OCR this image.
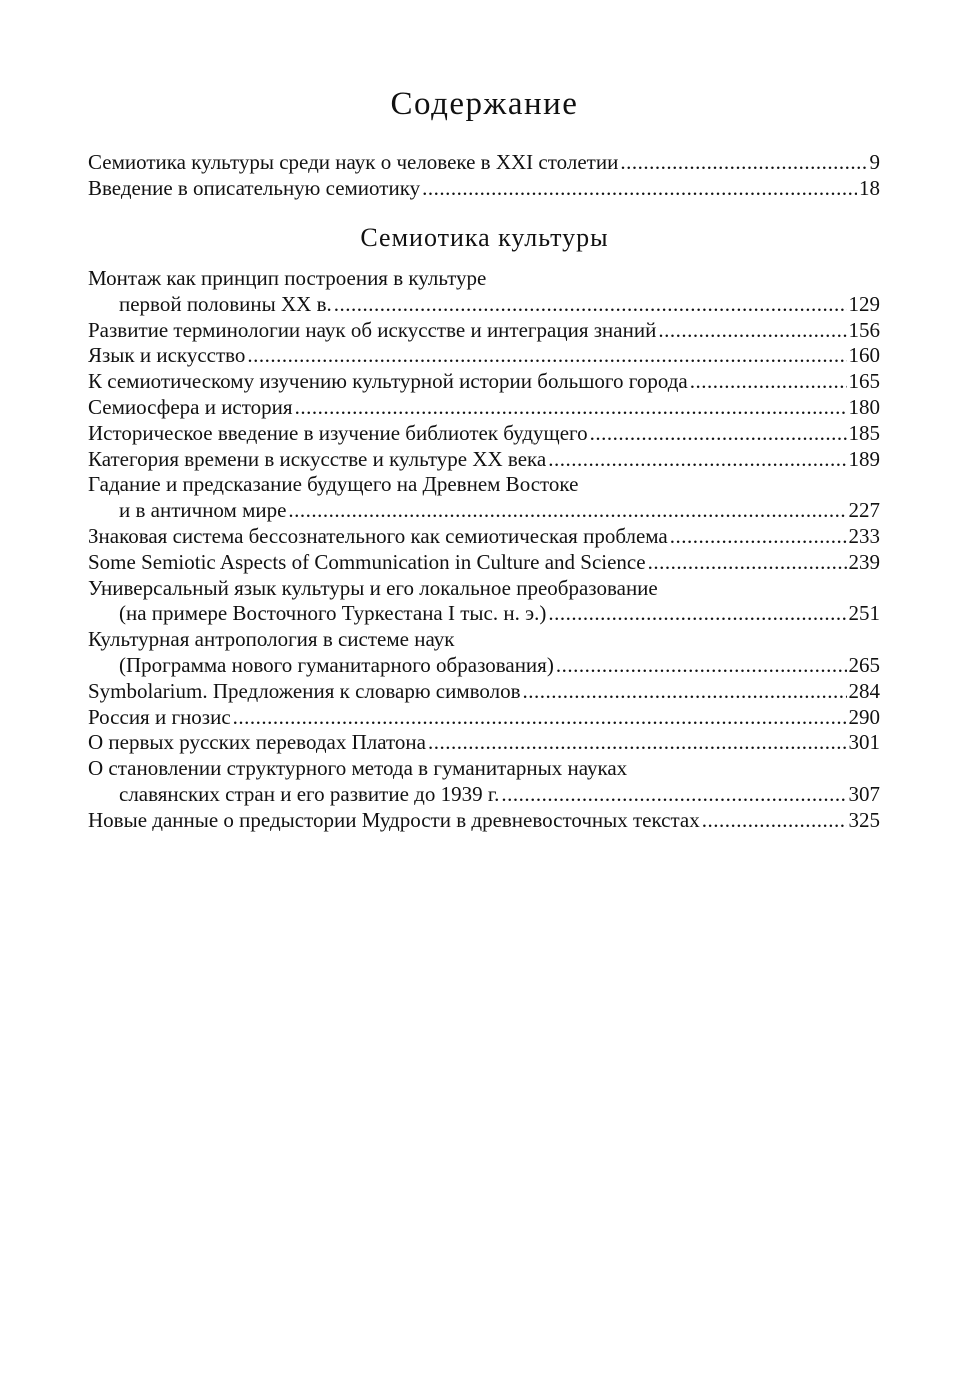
Содержание
Семиотика культуры среди наук о человеке в XXI столетии .....	9
Введение в описательную семиотику .....	18
Семиотика культуры
Монтаж как принцип построения в культуре
первой половины XX в. .....	129
Развитие терминологии наук об искусстве и интеграция знаний .....	156
Язык и искусство .....	160
К семиотическому изучению культурной истории большого города .....	165
Семиосфера и история .....	180
Историческое введение в изучение библиотек будущего .....	185
Категория времени в искусстве и культуре XX века .....	189
Гадание и предсказание будущего на Древнем Востоке
и в античном мире .....	227
Знаковая система бессознательного как семиотическая проблема .....	233
Some Semiotic Aspects of Communication in Culture and Science .....	239
Универсальный язык культуры и его локальное преобразование
(на примере Восточного Туркестана I тыс. н. э.) .....	251
Культурная антропология в системе наук
(Программа нового гуманитарного образования) .....	265
Symbolarium. Предложения к словарю символов .....	284
Россия и гнозис .....	290
О первых русских переводах Платона .....	301
О становлении структурного метода в гуманитарных науках
славянских стран и его развитие до 1939 г. .....	307
Новые данные о предыстории Мудрости в древневосточных текстах .....	325
